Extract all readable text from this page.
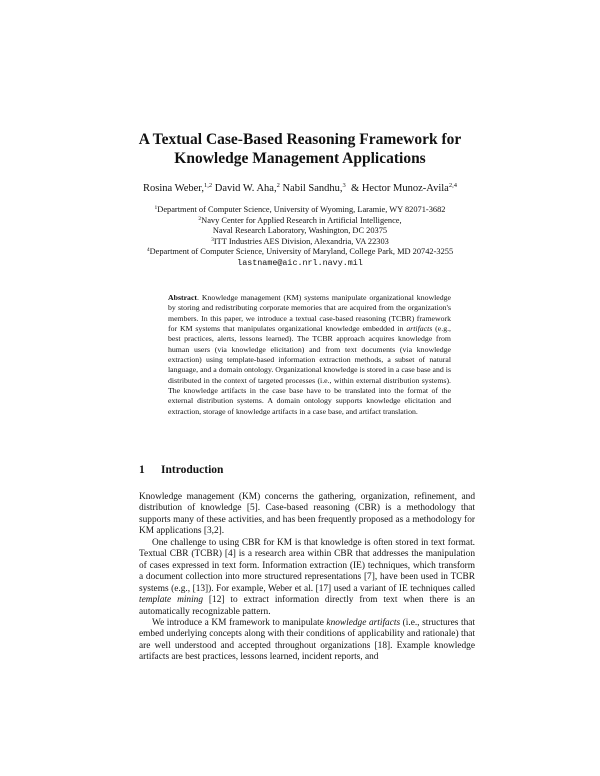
A Textual Case-Based Reasoning Framework for
Knowledge Management Applications
Rosina Weber,$^{1,2}$ David W. Aha,$^2$ Nabil Sandhu,$^3$  & Hector Munoz-Avila$^{2,4}$
$^1$Department of Computer Science, University of Wyoming, Laramie, WY 82071-3682
$^2$Navy Center for Applied Research in Artificial Intelligence,
Naval Research Laboratory, Washington, DC 20375
$^3$ITT Industries AES Division, Alexandria, VA 22303
$^4$Department of Computer Science, University of Maryland, College Park, MD 20742-3255
lastname@aic.nrl.navy.mil
Abstract. Knowledge management (KM) systems manipulate organizational knowledge by storing and redistributing corporate memories that are acquired from the organization's members. In this paper, we introduce a textual case-based reasoning (TCBR) framework for KM systems that manipulates organizational knowledge embedded in artifacts (e.g., best practices, alerts, lessons learned). The TCBR approach acquires knowledge from human users (via knowledge elicitation) and from text documents (via knowledge extraction) using template-based information extraction methods, a subset of natural language, and a domain ontology. Organizational knowledge is stored in a case base and is distributed in the context of targeted processes (i.e., within external distribution systems). The knowledge artifacts in the case base have to be translated into the format of the external distribution systems. A domain ontology supports knowledge elicitation and extraction, storage of knowledge artifacts in a case base, and artifact translation.
1 Introduction

Knowledge management (KM) concerns the gathering, organization, refinement, and distribution of knowledge [5]. Case-based reasoning (CBR) is a methodology that supports many of these activities, and has been frequently proposed as a methodology for KM applications [3,2].

One challenge to using CBR for KM is that knowledge is often stored in text format. Textual CBR (TCBR) [4] is a research area within CBR that addresses the manipulation of cases expressed in text form. Information extraction (IE) techniques, which transform a document collection into more structured representations [7], have been used in TCBR systems (e.g., [13]). For example, Weber et al. [17] used a variant of IE techniques called template mining [12] to extract information directly from text when there is an automatically recognizable pattern.

We introduce a KM framework to manipulate knowledge artifacts (i.e., structures that embed underlying concepts along with their conditions of applicability and rationale) that are well understood and accepted throughout organizations [18]. Example knowledge artifacts are best practices, lessons learned, incident reports, and
